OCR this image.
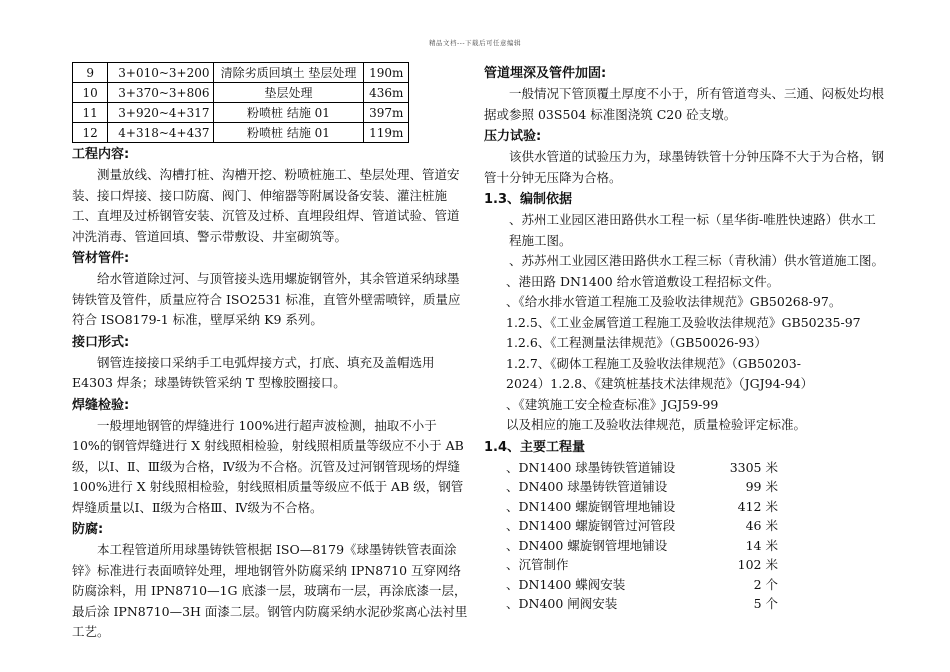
精品文档---下载后可任意编辑
9	3+010~3+200	清除劣质回填土 垫层处理	190m
10	3+370~3+806	垫层处理	436m
11	3+920~4+317	粉喷桩 结施 01	397m
12	4+318~4+437	粉喷桩 结施 01	119m
工程内容:

测量放线、沟槽打桩、沟槽开挖、粉喷桩施工、垫层处理、管道安装、接口焊接、接口防腐、阀门、伸缩器等附属设备安装、灌注桩施工、直埋及过桥钢管安装、沉管及过桥、直埋段组焊、管道试验、管道冲洗消毒、管道回填、警示带敷设、井室砌筑等。

管材管件:

给水管道除过河、与顶管接头选用螺旋钢管外，其余管道采纳球墨铸铁管及管件，质量应符合 ISO2531 标准，直管外壁需喷锌，质量应符合 ISO8179-1 标准，壁厚采纳 K9 系列。

接口形式:

钢管连接接口采纳手工电弧焊接方式，打底、填充及盖帽选用 E4303 焊条；球墨铸铁管采纳 T 型橡胶圈接口。

焊缝检验:

一般埋地钢管的焊缝进行 100%进行超声波检测，抽取不小于 10%的钢管焊缝进行 X 射线照相检验，射线照相质量等级应不小于 AB 级，以Ⅰ、Ⅱ、Ⅲ级为合格，Ⅳ级为不合格。沉管及过河钢管现场的焊缝 100%进行 X 射线照相检验，射线照相质量等级应不低于 AB 级，钢管焊缝质量以Ⅰ、Ⅱ级为合格Ⅲ、Ⅳ级为不合格。

防腐:

本工程管道所用球墨铸铁管根据 ISO—8179《球墨铸铁管表面涂锌》标准进行表面喷锌处理，埋地钢管外防腐采纳 IPN8710 互穿网络防腐涂料，用 IPN8710—1G 底漆一层，玻璃布一层，再涂底漆一层，最后涂 IPN8710—3H 面漆二层。钢管内防腐采纳水泥砂浆离心法衬里工艺。

管道埋深及管件加固:

一般情况下管顶覆土厚度不小于，所有管道弯头、三通、闷板处均根据或参照 03S504 标准图浇筑 C20 砼支墩。

压力试验:

该供水管道的试验压力为，球墨铸铁管十分钟压降不大于为合格，钢管十分钟无压降为合格。

1.3、编制依据

、苏州工业园区港田路供水工程一标（星华街-唯胜快速路）供水工程施工图。

、苏苏州工业园区港田路供水工程三标（青秋浦）供水管道施工图。

、港田路 DN1400 给水管道敷设工程招标文件。

、《给水排水管道工程施工及验收法律规范》GB50268-97。

1.2.5、《工业金属管道工程施工及验收法律规范》GB50235-97

1.2.6、《工程测量法律规范》（GB50026-93）

1.2.7、《砌体工程施工及验收法律规范》（GB50203-

2024）1.2.8、《建筑桩基技术法律规范》（JGJ94-94）

、《建筑施工安全检查标准》JGJ59-99

以及相应的施工及验收法律规范，质量检验评定标准。

1.4、主要工程量
、DN1400 球墨铸铁管道铺设	3305 米
、DN400 球墨铸铁管道铺设	99 米
、DN1400 螺旋钢管埋地铺设	412 米
、DN1400 螺旋钢管过河管段	46 米
、DN400 螺旋钢管埋地铺设	14 米
、沉管制作	102 米
、DN1400 蝶阀安装	2 个
、DN400 闸阀安装	5 个
